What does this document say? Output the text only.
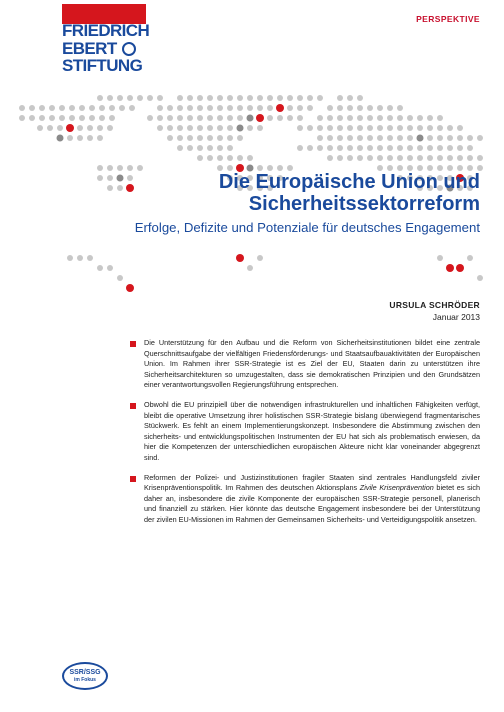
FRIEDRICH
EBERT
STIFTUNG
PERSPEKTIVE
Die Europäische Union und
Sicherheitssektorreform
Erfolge, Defizite und Potenziale für deutsches Engagement
URSULA SCHRÖDER
Januar 2013

Die Unterstützung für den Aufbau und die Reform von Sicherheitsinstitutionen bildet eine zentrale Querschnittsaufgabe der vielfältigen Friedensförderungs- und Staatsaufbauaktivitäten der Europäischen Union. Im Rahmen ihrer SSR-Strategie ist es Ziel der EU, Staaten darin zu unterstützen ihre Sicherheitsarchitekturen so umzugestalten, dass sie demokratischen Prinzipien und den Grundsätzen einer verantwortungsvollen Regierungsführung entsprechen.

Obwohl die EU prinzipiell über die notwendigen infrastrukturellen und inhaltlichen Fähigkeiten verfügt, bleibt die operative Umsetzung ihrer holistischen SSR-Strategie bislang überwiegend fragmentarisches Stückwerk. Es fehlt an einem Implementierungskonzept. Insbesondere die Abstimmung zwischen den sicherheits- und entwicklungspolitischen Instrumenten der EU hat sich als problematisch erwiesen, da hier die Kompetenzen der unterschiedlichen europäischen Akteure nicht klar voneinander abgegrenzt sind.

Reformen der Polizei- und Justizinstitutionen fragiler Staaten sind zentrales Handlungsfeld ziviler Krisenpräventionspolitik. Im Rahmen des deutschen Aktionsplans Zivile Krisenprävention bietet es sich daher an, insbesondere die zivile Komponente der europäischen SSR-Strategie personell, planerisch und finanziell zu stärken. Hier könnte das deutsche Engagement insbesondere bei der Unterstützung der zivilen EU-Missionen im Rahmen der Gemeinsamen Sicherheits- und Verteidigungspolitik ansetzen.

SSR/SSG
im Fokus
